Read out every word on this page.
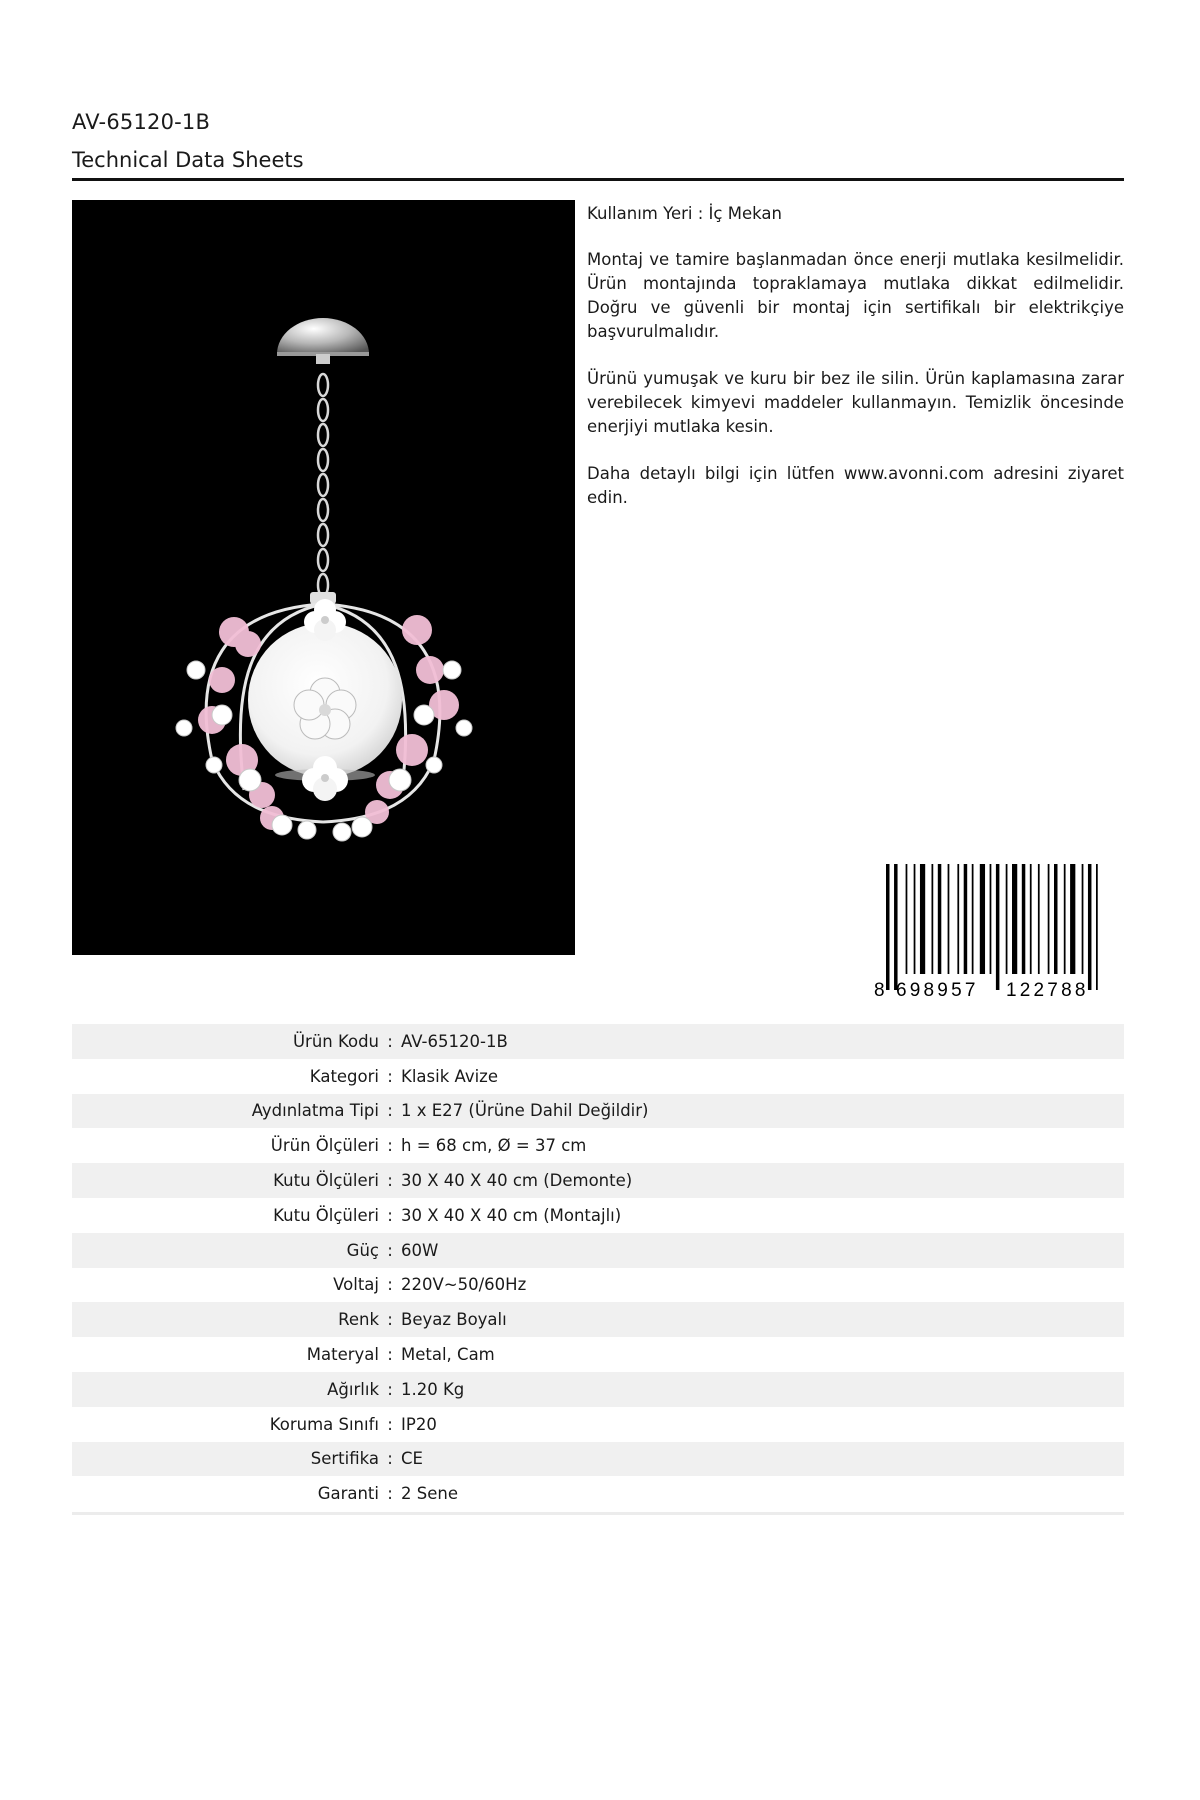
AV-65120-1B
Technical Data Sheets

Kullanım Yeri : İç Mekan

Montaj ve tamire başlanmadan önce enerji mutlaka kesilmelidir. Ürün montajında topraklamaya mutlaka dikkat edilmelidir. Doğru ve güvenli bir montaj için sertifikalı bir elektrikçiye başvurulmalıdır.

Ürünü yumuşak ve kuru bir bez ile silin. Ürün kaplamasına zarar verebilecek kimyevi maddeler kullanmayın. Temizlik öncesinde enerjiyi mutlaka kesin.

Daha detaylı bilgi için lütfen www.avonni.com adresini ziyaret edin.

8 698957 122788
Ürün Kodu : AV-65120-1B
Kategori : Klasik Avize
Aydınlatma Tipi : 1 x E27 (Ürüne Dahil Değildir)
Ürün Ölçüleri : h = 68 cm, Ø = 37 cm
Kutu Ölçüleri : 30 X 40 X 40 cm (Demonte)
Kutu Ölçüleri : 30 X 40 X 40 cm (Montajlı)
Güç : 60W
Voltaj : 220V~50/60Hz
Renk : Beyaz Boyalı
Materyal : Metal, Cam
Ağırlık : 1.20 Kg
Koruma Sınıfı : IP20
Sertifika : CE
Garanti : 2 Sene
